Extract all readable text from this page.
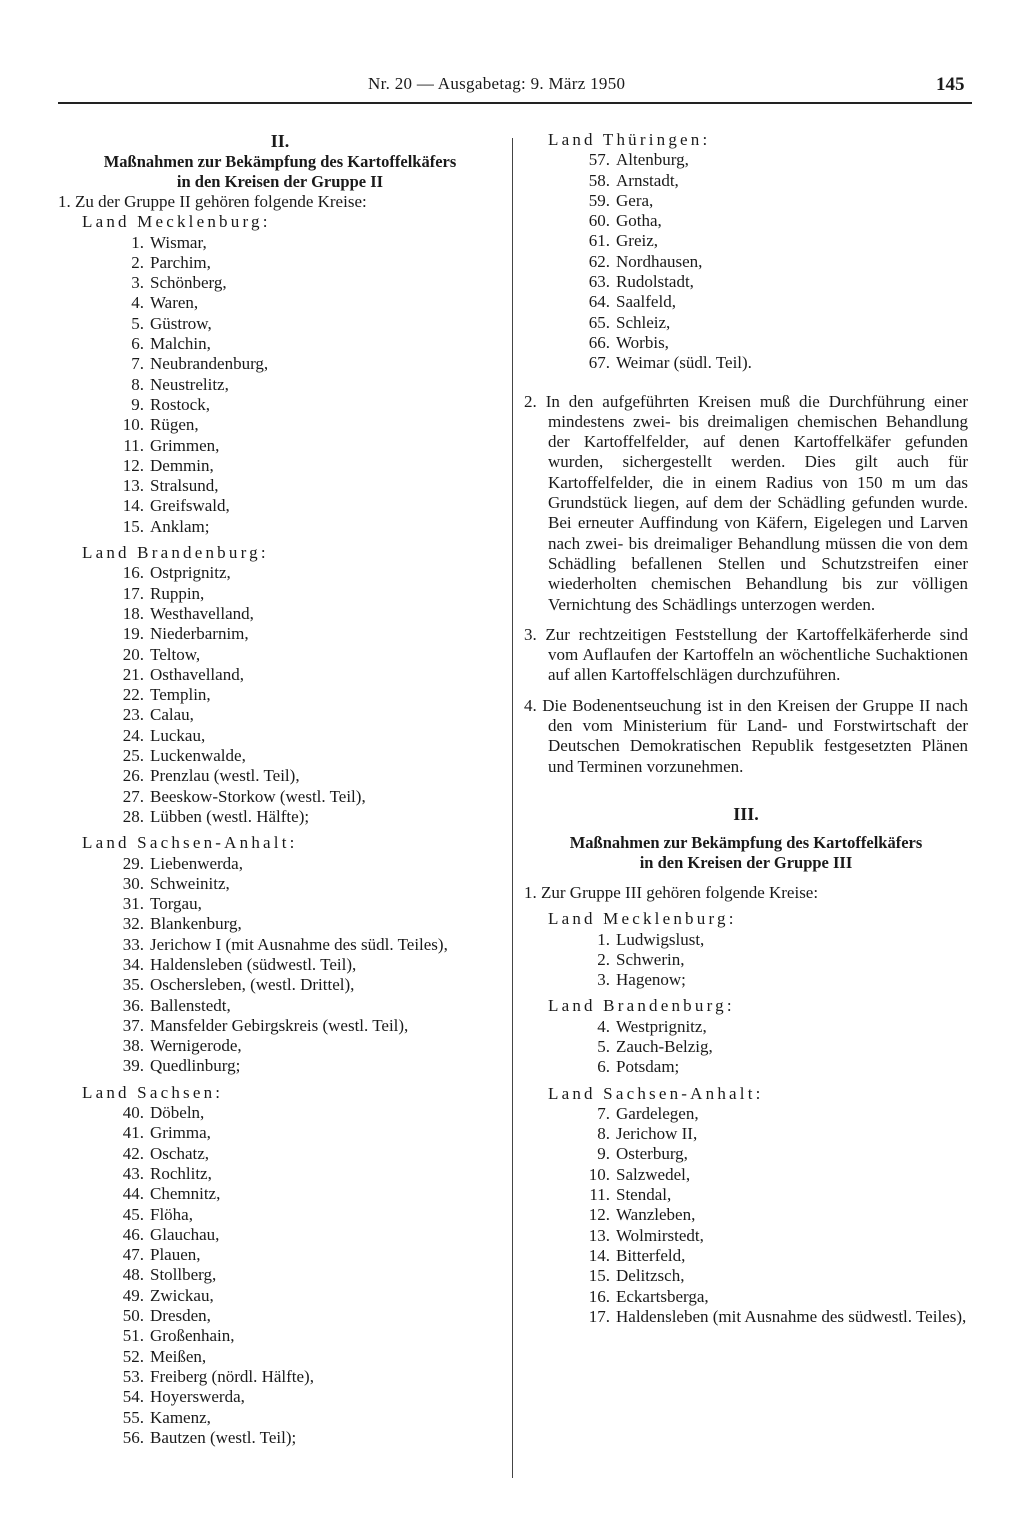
Nr. 20 — Ausgabetag: 9. März 1950	145

II.

Maßnahmen zur Bekämpfung des Kartoffelkäfers

in den Kreisen der Gruppe II

1. Zu der Gruppe II gehören folgende Kreise:

Land Mecklenburg:

1. Wismar,
2. Parchim,
3. Schönberg,
4. Waren,
5. Güstrow,
6. Malchin,
7. Neubrandenburg,
8. Neustrelitz,
9. Rostock,
10. Rügen,
11. Grimmen,
12. Demmin,
13. Stralsund,
14. Greifswald,
15. Anklam;

Land Brandenburg:

16. Ostprignitz,
17. Ruppin,
18. Westhavelland,
19. Niederbarnim,
20. Teltow,
21. Osthavelland,
22. Templin,
23. Calau,
24. Luckau,
25. Luckenwalde,
26. Prenzlau (westl. Teil),
27. Beeskow-Storkow (westl. Teil),
28. Lübben (westl. Hälfte);

Land Sachsen-Anhalt:

29. Liebenwerda,
30. Schweinitz,
31. Torgau,
32. Blankenburg,
33. Jerichow I (mit Ausnahme des südl. Teiles),
34. Haldensleben (südwestl. Teil),
35. Oschersleben, (westl. Drittel),
36. Ballenstedt,
37. Mansfelder Gebirgskreis (westl. Teil),
38. Wernigerode,
39. Quedlinburg;

Land Sachsen:

40. Döbeln,
41. Grimma,
42. Oschatz,
43. Rochlitz,
44. Chemnitz,
45. Flöha,
46. Glauchau,
47. Plauen,
48. Stollberg,
49. Zwickau,
50. Dresden,
51. Großenhain,
52. Meißen,
53. Freiberg (nördl. Hälfte),
54. Hoyerswerda,
55. Kamenz,
56. Bautzen (westl. Teil);

Land Thüringen:

57. Altenburg,
58. Arnstadt,
59. Gera,
60. Gotha,
61. Greiz,
62. Nordhausen,
63. Rudolstadt,
64. Saalfeld,
65. Schleiz,
66. Worbis,
67. Weimar (südl. Teil).

2. In den aufgeführten Kreisen muß die Durchführung einer mindestens zwei- bis dreimaligen chemischen Behandlung der Kartoffelfelder, auf denen Kartoffelkäfer gefunden wurden, sichergestellt werden. Dies gilt auch für Kartoffelfelder, die in einem Radius von 150 m um das Grundstück liegen, auf dem der Schädling gefunden wurde. Bei erneuter Auffindung von Käfern, Eigelegen und Larven nach zwei- bis dreimaliger Behandlung müssen die von dem Schädling befallenen Stellen und Schutzstreifen einer wiederholten chemischen Behandlung bis zur völligen Vernichtung des Schädlings unterzogen werden.

3. Zur rechtzeitigen Feststellung der Kartoffelkäferherde sind vom Auflaufen der Kartoffeln an wöchentliche Suchaktionen auf allen Kartoffelschlägen durchzuführen.

4. Die Bodenentseuchung ist in den Kreisen der Gruppe II nach den vom Ministerium für Land- und Forstwirtschaft der Deutschen Demokratischen Republik festgesetzten Plänen und Terminen vorzunehmen.

III.

Maßnahmen zur Bekämpfung des Kartoffelkäfers

in den Kreisen der Gruppe III

1. Zur Gruppe III gehören folgende Kreise:

Land Mecklenburg:

1. Ludwigslust,
2. Schwerin,
3. Hagenow;

Land Brandenburg:

4. Westprignitz,
5. Zauch-Belzig,
6. Potsdam;

Land Sachsen-Anhalt:

7. Gardelegen,
8. Jerichow II,
9. Osterburg,
10. Salzwedel,
11. Stendal,
12. Wanzleben,
13. Wolmirstedt,
14. Bitterfeld,
15. Delitzsch,
16. Eckartsberga,
17. Haldensleben (mit Ausnahme des südwestl. Teiles),
